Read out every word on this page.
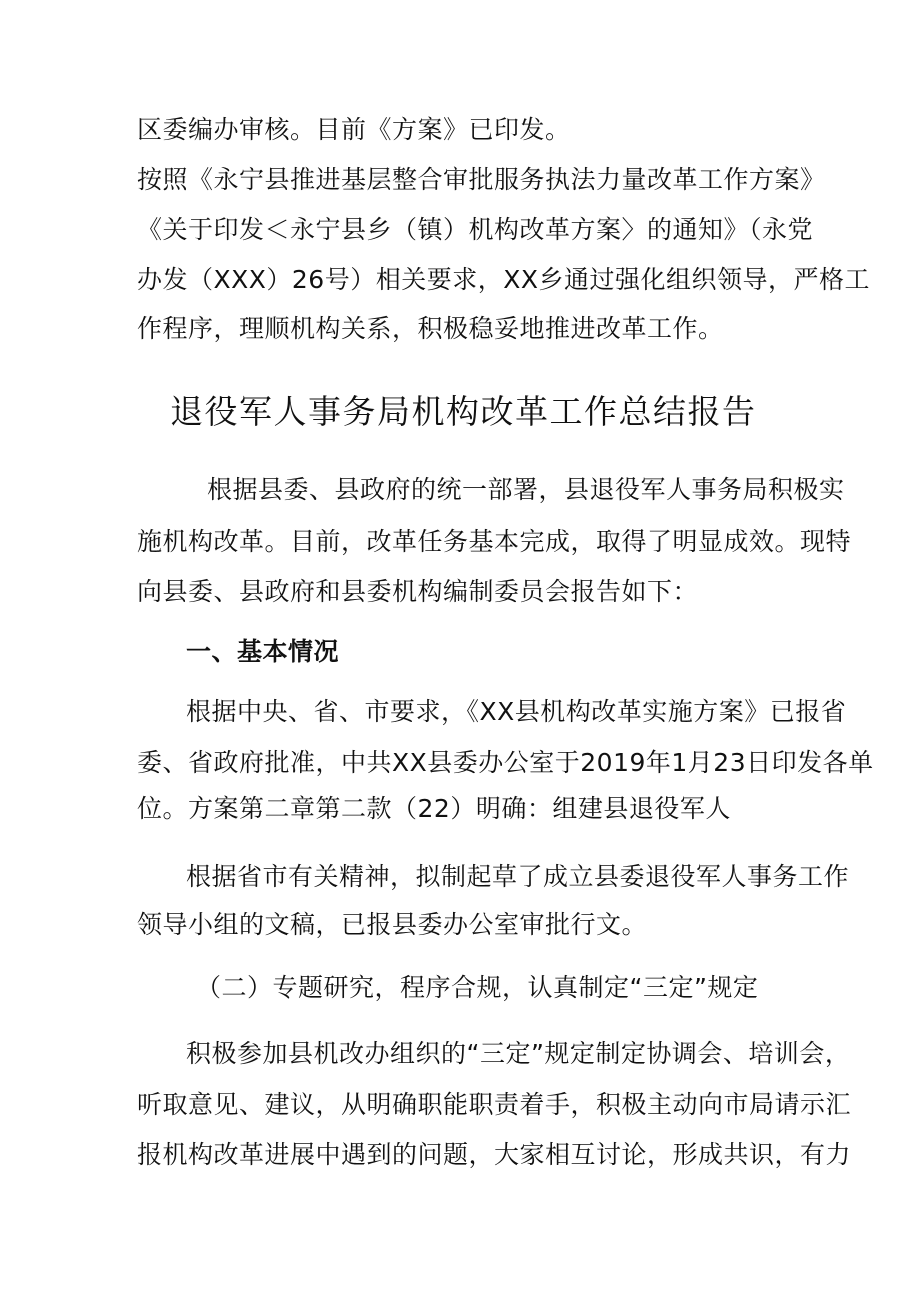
区委编办审核。目前《方案》已印发。
按照《永宁县推进基层整合审批服务执法力量改革工作方案》
《关于印发＜永宁县乡（镇）机构改革方案〉的通知》（永党
办发（XXX）26号）相关要求，XX乡通过强化组织领导，严格工
作程序，理顺机构关系，积极稳妥地推进改革工作。
退役军人事务局机构改革工作总结报告
根据县委、县政府的统一部署，县退役军人事务局积极实
施机构改革。目前，改革任务基本完成，取得了明显成效。现特
向县委、县政府和县委机构编制委员会报告如下：
一、基本情况
根据中央、省、市要求，《XX县机构改革实施方案》已报省
委、省政府批准，中共XX县委办公室于2019年1月23日印发各单
位。方案第二章第二款（22）明确：组建县退役军人
根据省市有关精神，拟制起草了成立县委退役军人事务工作
领导小组的文稿，已报县委办公室审批行文。
（二）专题研究，程序合规，认真制定“三定”规定
积极参加县机改办组织的“三定”规定制定协调会、培训会，
听取意见、建议，从明确职能职责着手，积极主动向市局请示汇
报机构改革进展中遇到的问题，大家相互讨论，形成共识，有力
